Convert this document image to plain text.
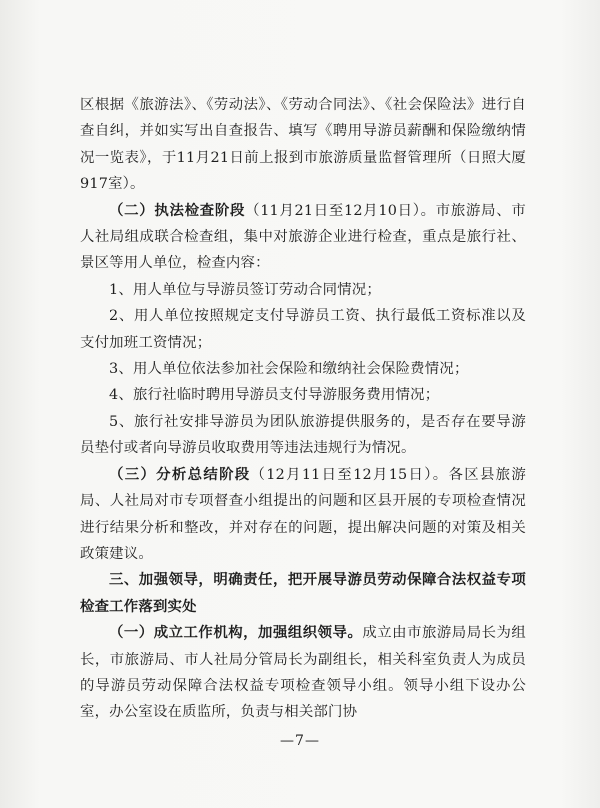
区根据《旅游法》、《劳动法》、《劳动合同法》、《社会保险法》进行自查自纠，并如实写出自查报告、填写《聘用导游员薪酬和保险缴纳情况一览表》，于11月21日前上报到市旅游质量监督管理所（日照大厦917室）。

（二）执法检查阶段（11月21日至12月10日）。市旅游局、市人社局组成联合检查组，集中对旅游企业进行检查，重点是旅行社、景区等用人单位，检查内容：

1、用人单位与导游员签订劳动合同情况；

2、用人单位按照规定支付导游员工资、执行最低工资标准以及支付加班工资情况；

3、用人单位依法参加社会保险和缴纳社会保险费情况；

4、旅行社临时聘用导游员支付导游服务费用情况；

5、旅行社安排导游员为团队旅游提供服务的，是否存在要导游员垫付或者向导游员收取费用等违法违规行为情况。

（三）分析总结阶段（12月11日至12月15日）。各区县旅游局、人社局对市专项督查小组提出的问题和区县开展的专项检查情况进行结果分析和整改，并对存在的问题，提出解决问题的对策及相关政策建议。

三、加强领导，明确责任，把开展导游员劳动保障合法权益专项检查工作落到实处

（一）成立工作机构，加强组织领导。成立由市旅游局局长为组长，市旅游局、市人社局分管局长为副组长，相关科室负责人为成员的导游员劳动保障合法权益专项检查领导小组。领导小组下设办公室，办公室设在质监所，负责与相关部门协

—7—
